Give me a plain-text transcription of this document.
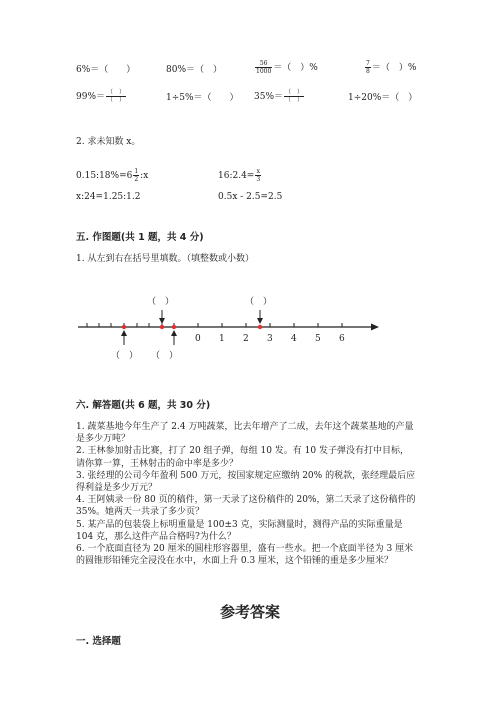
6%＝（　　）	80%＝（　）	$\frac{56}{1000}$ ＝（　）%	$\frac{7}{8}$ ＝（　）%
$99\%= \frac{( )}{( )}$	1÷5%＝（　　） $35\%= \frac{( )}{( )}$	1÷20%＝（　）
2. 求未知数 x。
0.15:18%=6 $\frac{1}{2}$ :x	16:2.4= $\frac{x}{3}$
x:24=1.25:1.2	0.5x - 2.5=2.5
五. 作图题(共 1 题，共 4 分)
1. 从左到右在括号里填数。（填整数或小数）
（　）	（　）
（　） （　）
0 1 2 3 4 5 6
六. 解答题(共 6 题，共 30 分)

1. 蔬菜基地今年生产了 2.4 万吨蔬菜，比去年增产了二成，去年这个蔬菜基地的产量是多少万吨？

2. 王林参加射击比赛，打了 20 组子弹，每组 10 发。有 10 发子弹没有打中目标，请你算一算，王林射击的命中率是多少？

3. 张经理的公司今年盈利 500 万元，按国家规定应缴纳 20% 的税款，张经理最后应得利益是多少万元？

4. 王阿姨录一份 80 页的稿件，第一天录了这份稿件的 20%，第二天录了这份稿件的 35%。她两天一共录了多少页？

5. 某产品的包装袋上标明重量是 100±3 克，实际测量时，测得产品的实际重量是 104 克，那么这件产品合格吗?为什么？

6. 一个底面直径为 20 厘米的圆柱形容器里，盛有一些水。把一个底面半径为 3 厘米的圆锥形铅锤完全浸没在水中，水面上升 0.3 厘米，这个铅锤的重是多少厘米？

参考答案
一. 选择题
